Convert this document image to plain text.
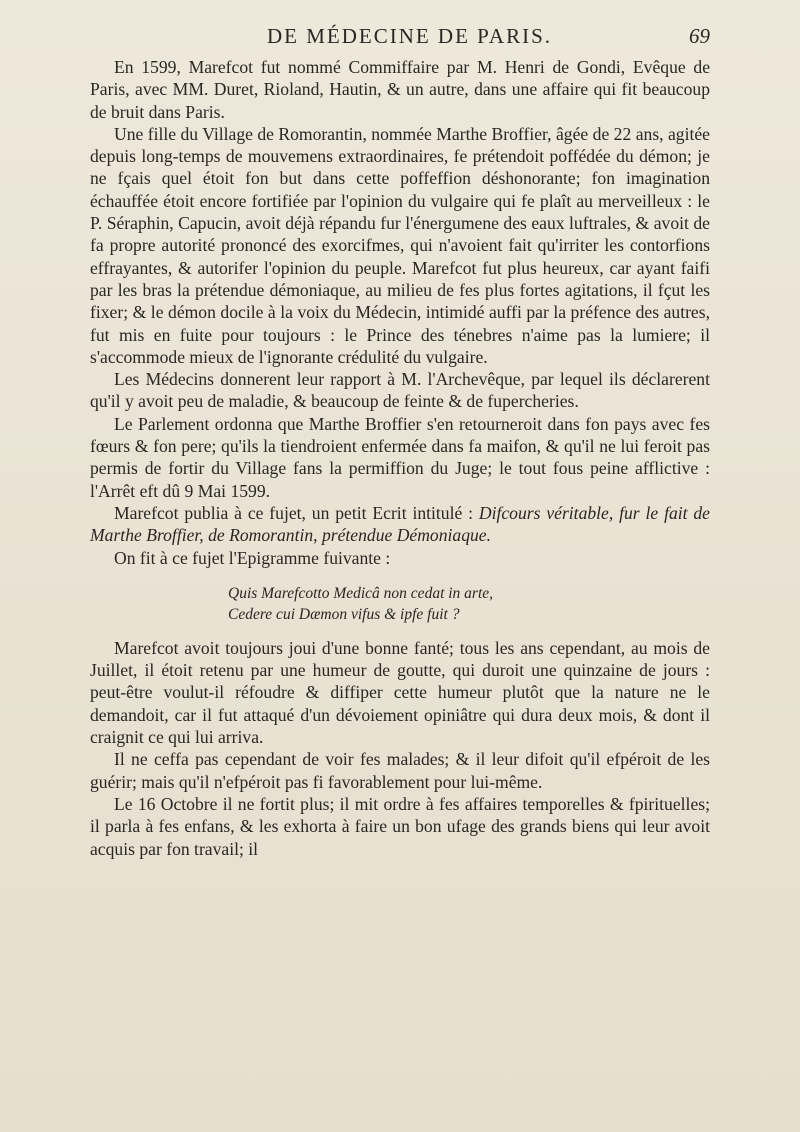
DE MÉDECINE DE PARIS.	69

En 1599, Marefcot fut nommé Commiffaire par M. Henri de Gondi, Evêque de Paris, avec MM. Duret, Rioland, Hautin, & un autre, dans une affaire qui fit beaucoup de bruit dans Paris.

Une fille du Village de Romorantin, nommée Marthe Broffier, âgée de 22 ans, agitée depuis long-temps de mouvemens extraordinaires, fe prétendoit poffédée du démon; je ne fçais quel étoit fon but dans cette poffeffion déshonorante; fon imagination échauffée étoit encore fortifiée par l'opinion du vulgaire qui fe plaît au merveilleux : le P. Séraphin, Capucin, avoit déjà répandu fur l'énergumene des eaux luftrales, & avoit de fa propre autorité prononcé des exorcifmes, qui n'avoient fait qu'irriter les contorfions effrayantes, & autorifer l'opinion du peuple. Marefcot fut plus heureux, car ayant faifi par les bras la prétendue démoniaque, au milieu de fes plus fortes agitations, il fçut les fixer; & le démon docile à la voix du Médecin, intimidé auffi par la préfence des autres, fut mis en fuite pour toujours : le Prince des ténebres n'aime pas la lumiere; il s'accommode mieux de l'ignorante crédulité du vulgaire.

Les Médecins donnerent leur rapport à M. l'Archevêque, par lequel ils déclarerent qu'il y avoit peu de maladie, & beaucoup de feinte & de fupercheries.

Le Parlement ordonna que Marthe Broffier s'en retourneroit dans fon pays avec fes fœurs & fon pere; qu'ils la tiendroient enfermée dans fa maifon, & qu'il ne lui feroit pas permis de fortir du Village fans la permiffion du Juge; le tout fous peine afflictive : l'Arrêt eft dû 9 Mai 1599.

Marefcot publia à ce fujet, un petit Ecrit intitulé : Difcours véritable, fur le fait de Marthe Broffier, de Romorantin, prétendue Démoniaque.

On fit à ce fujet l'Epigramme fuivante :

Quis Marefcotto Medicâ non cedat in arte,
Cedere cui Dæmon vifus & ipfe fuit ?

Marefcot avoit toujours joui d'une bonne fanté; tous les ans cependant, au mois de Juillet, il étoit retenu par une humeur de goutte, qui duroit une quinzaine de jours : peut-être voulut-il réfoudre & diffiper cette humeur plutôt que la nature ne le demandoit, car il fut attaqué d'un dévoiement opiniâtre qui dura deux mois, & dont il craignit ce qui lui arriva.

Il ne ceffa pas cependant de voir fes malades; & il leur difoit qu'il efpéroit de les guérir; mais qu'il n'efpéroit pas fi favorablement pour lui-même.

Le 16 Octobre il ne fortit plus; il mit ordre à fes affaires temporelles & fpirituelles; il parla à fes enfans, & les exhorta à faire un bon ufage des grands biens qui leur avoit acquis par fon travail; il
